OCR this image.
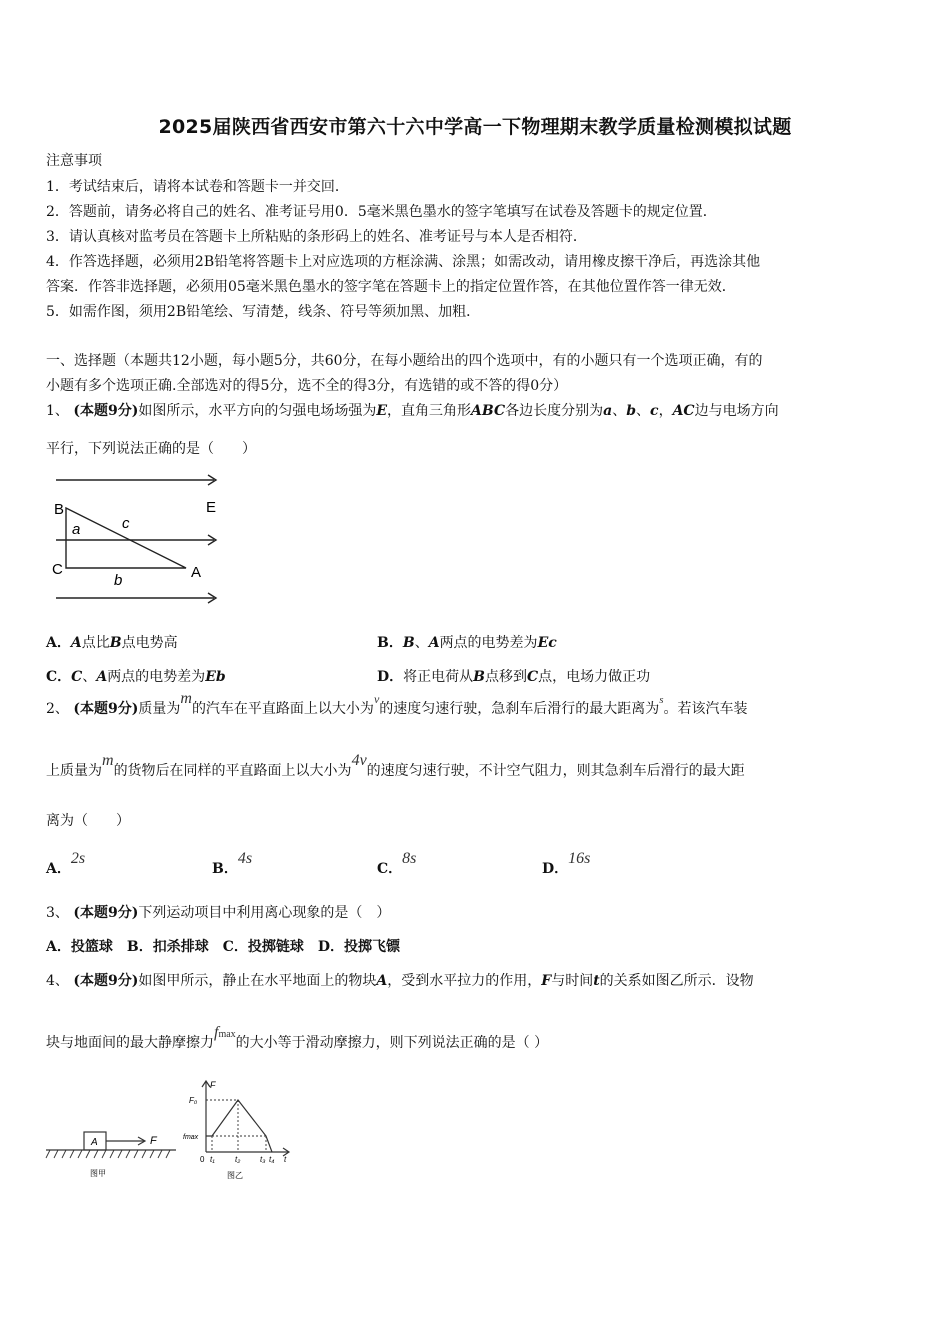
2025届陕西省西安市第六十六中学高一下物理期末教学质量检测模拟试题
注意事项
1．考试结束后，请将本试卷和答题卡一并交回．
2．答题前，请务必将自己的姓名、准考证号用0．5毫米黑色墨水的签字笔填写在试卷及答题卡的规定位置．
3．请认真核对监考员在答题卡上所粘贴的条形码上的姓名、准考证号与本人是否相符．
4．作答选择题，必须用2B铅笔将答题卡上对应选项的方框涂满、涂黑；如需改动，请用橡皮擦干净后，再选涂其他
答案．作答非选择题，必须用05毫米黑色墨水的签字笔在答题卡上的指定位置作答，在其他位置作答一律无效．
5．如需作图，须用2B铅笔绘、写清楚，线条、符号等须加黑、加粗．
一、选择题（本题共12小题，每小题5分，共60分，在每小题给出的四个选项中，有的小题只有一个选项正确，有的
小题有多个选项正确.全部选对的得5分，选不全的得3分，有选错的或不答的得0分）
1、 (本题9分)如图所示，水平方向的匀强电场场强为E，直角三角形ABC各边长度分别为a、b、c，AC边与电场方向
平行，下列说法正确的是（　　）
B	E
a	c
C
b	A
A．A点比B点电势高	B．B、A两点的电势差为Ec
C．C、A两点的电势差为Eb	D．将正电荷从B点移到C点，电场力做正功
2、 (本题9分)质量为m的汽车在平直路面上以大小为v的速度匀速行驶，急刹车后滑行的最大距离为$^s$。若该汽车装
上质量为m的货物后在同样的平直路面上以大小为4v的速度匀速行驶，不计空气阻力，则其急刹车后滑行的最大距
离为（　　）
A．2s
B．4s
C．8s
D．16s
3、 (本题9分)下列运动项目中利用离心现象的是（　）
A．投篮球　B．扣杀排球　C．投掷链球　D．投掷飞镖
4、 (本题9分)如图甲所示，静止在水平地面上的物块A，受到水平拉力的作用，F与时间t的关系如图乙所示．设物
块与地面间的最大静摩擦力fmax的大小等于滑动摩擦力，则下列说法正确的是（ ）
A	F
图甲
F
F₀
fmax
0 t₁	t₂ t₃ t₄ t
图乙
